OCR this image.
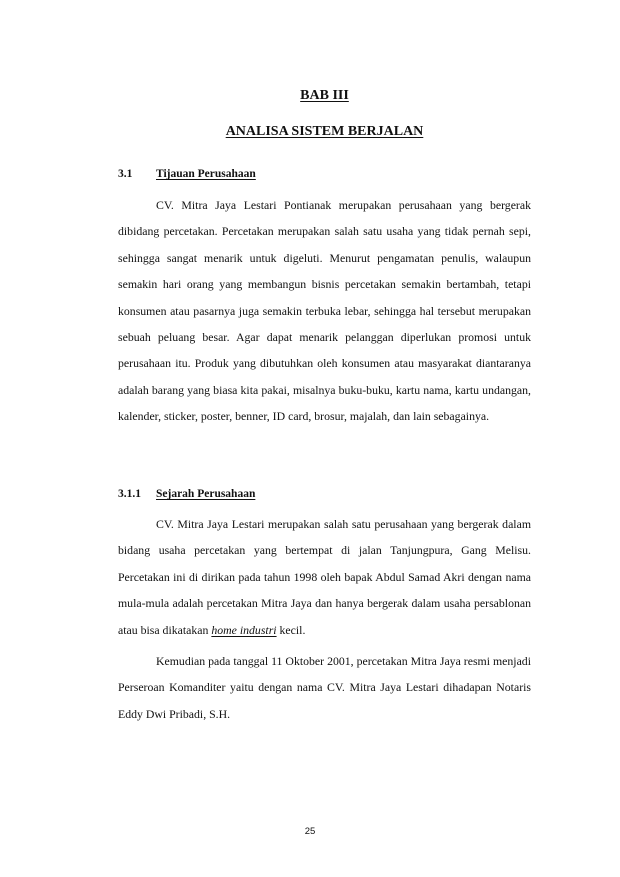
BAB III
ANALISA SISTEM BERJALAN
3.1 Tijauan Perusahaan

CV. Mitra Jaya Lestari Pontianak merupakan perusahaan yang bergerak dibidang percetakan. Percetakan merupakan salah satu usaha yang tidak pernah sepi, sehingga sangat menarik untuk digeluti. Menurut pengamatan penulis, walaupun semakin hari orang yang membangun bisnis percetakan semakin bertambah, tetapi konsumen atau pasarnya juga semakin terbuka lebar, sehingga hal tersebut merupakan sebuah peluang besar. Agar dapat menarik pelanggan diperlukan promosi untuk perusahaan itu. Produk yang dibutuhkan oleh konsumen atau masyarakat diantaranya adalah barang yang biasa kita pakai, misalnya buku-buku, kartu nama, kartu undangan, kalender, sticker, poster, benner, ID card, brosur, majalah, dan lain sebagainya.

3.1.1 Sejarah Perusahaan

CV. Mitra Jaya Lestari merupakan salah satu perusahaan yang bergerak dalam bidang usaha percetakan yang bertempat di jalan Tanjungpura, Gang Melisu. Percetakan ini di dirikan pada tahun 1998 oleh bapak Abdul Samad Akri dengan nama mula-mula adalah percetakan Mitra Jaya dan hanya bergerak dalam usaha persablonan atau bisa dikatakan home industri kecil.

Kemudian pada tanggal 11 Oktober 2001, percetakan Mitra Jaya resmi menjadi Perseroan Komanditer yaitu dengan nama CV. Mitra Jaya Lestari dihadapan Notaris Eddy Dwi Pribadi, S.H.

25
